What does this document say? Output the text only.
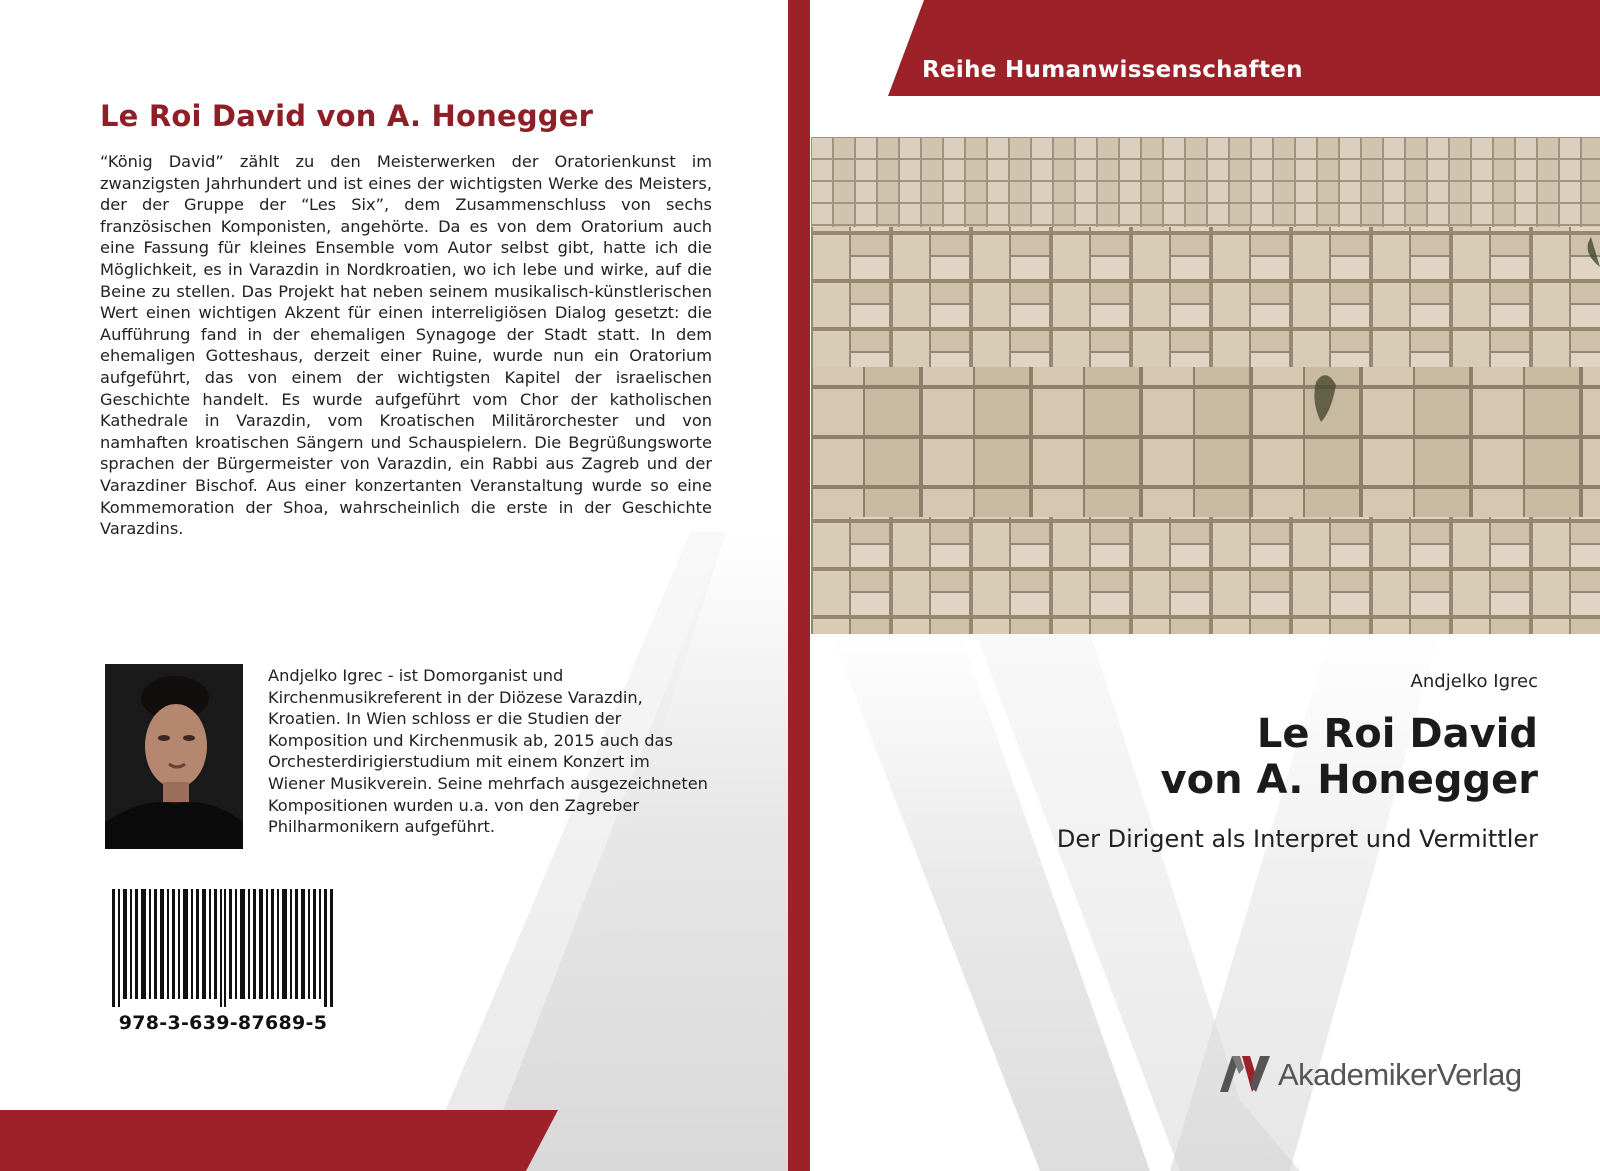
Le Roi David von A. Honegger

“König David” zählt zu den Meisterwerken der Oratorienkunst im zwanzigsten Jahrhundert und ist eines der wichtigsten Werke des Meisters, der der Gruppe der “Les Six”, dem Zusammenschluss von sechs französischen Komponisten, angehörte. Da es von dem Oratorium auch eine Fassung für kleines Ensemble vom Autor selbst gibt, hatte ich die Möglichkeit, es in Varazdin in Nordkroatien, wo ich lebe und wirke, auf die Beine zu stellen. Das Projekt hat neben seinem musikalisch-künstlerischen Wert einen wichtigen Akzent für einen interreligiösen Dialog gesetzt: die Aufführung fand in der ehemaligen Synagoge der Stadt statt. In dem ehemaligen Gotteshaus, derzeit einer Ruine, wurde nun ein Oratorium aufgeführt, das von einem der wichtigsten Kapitel der israelischen Geschichte handelt. Es wurde aufgeführt vom Chor der katholischen Kathedrale in Varazdin, vom Kroatischen Militärorchester und von namhaften kroatischen Sängern und Schauspielern. Die Begrüßungsworte sprachen der Bürgermeister von Varazdin, ein Rabbi aus Zagreb und der Varazdiner Bischof. Aus einer konzertanten Veranstaltung wurde so eine Kommemoration der Shoa, wahrscheinlich die erste in der Geschichte Varazdins.

Andjelko Igrec - ist Domorganist und Kirchenmusikreferent in der Diözese Varazdin, Kroatien. In Wien schloss er die Studien der Komposition und Kirchenmusik ab, 2015 auch das Orchesterdirigierstudium mit einem Konzert im Wiener Musikverein. Seine mehrfach ausgezeichneten Kompositionen wurden u.a. von den Zagreber Philharmonikern aufgeführt.

978-3-639-87689-5
Reihe Humanwissenschaften
Andjelko Igrec
Le Roi David
von A. Honegger
Der Dirigent als Interpret und Vermittler
AkademikerVerlag
